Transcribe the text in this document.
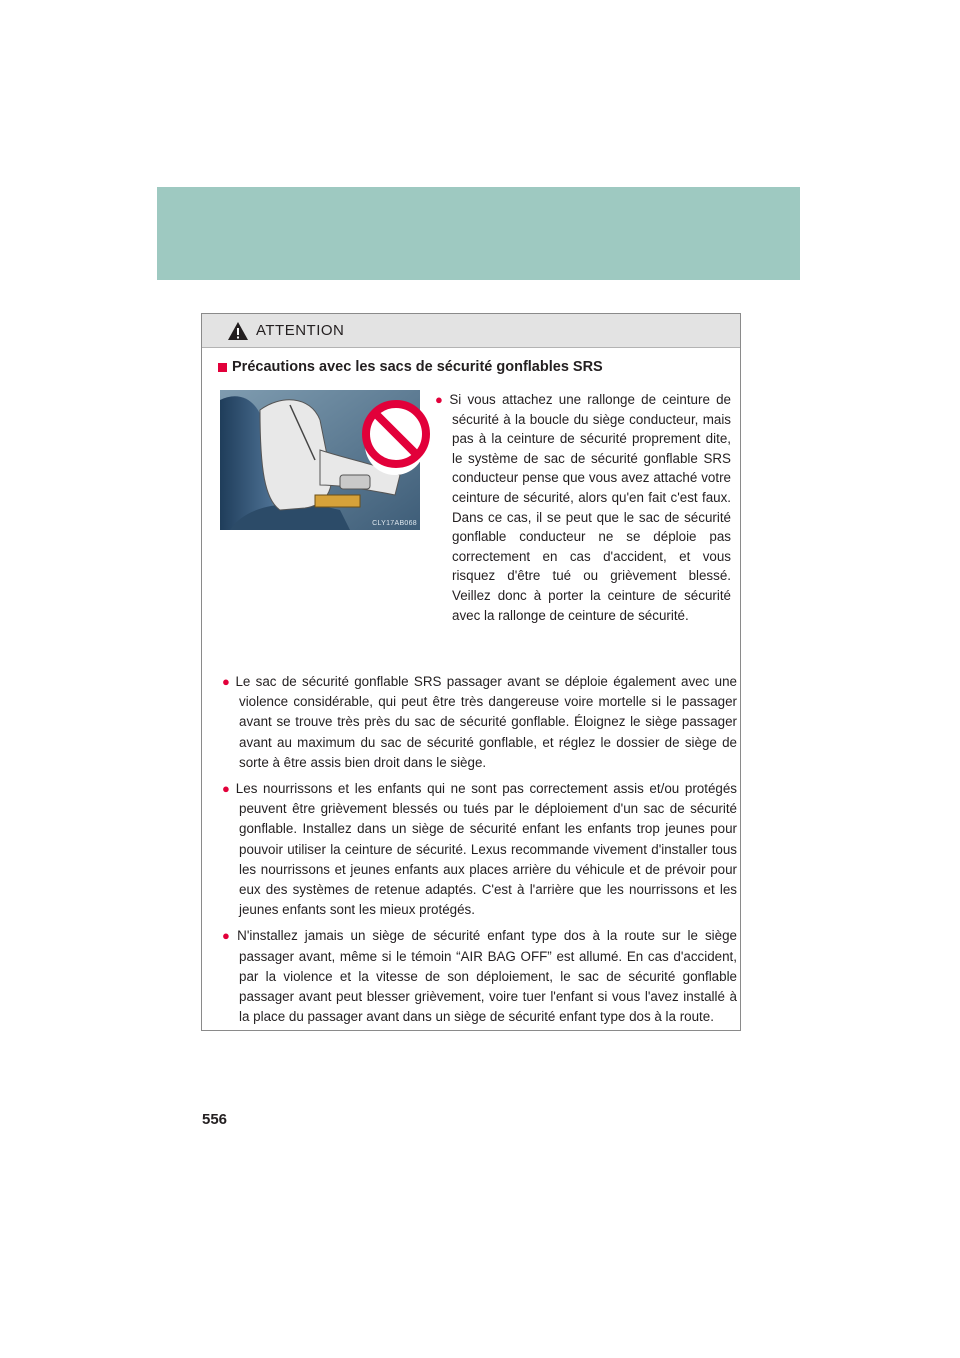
ATTENTION
Précautions avec les sacs de sécurité gonflables SRS
CLY17AB068
● Si vous attachez une rallonge de ceinture de sécurité à la boucle du siège conducteur, mais pas à la ceinture de sécurité proprement dite, le système de sac de sécurité gonflable SRS conducteur pense que vous avez attaché votre ceinture de sécurité, alors qu'en fait c'est faux. Dans ce cas, il se peut que le sac de sécurité gonflable conducteur ne se déploie pas correctement en cas d'accident, et vous risquez d'être tué ou grièvement blessé. Veillez donc à porter la ceinture de sécurité avec la rallonge de ceinture de sécurité.

● Le sac de sécurité gonflable SRS passager avant se déploie également avec une violence considérable, qui peut être très dangereuse voire mortelle si le passager avant se trouve très près du sac de sécurité gonflable. Éloignez le siège passager avant au maximum du sac de sécurité gonflable, et réglez le dossier de siège de sorte à être assis bien droit dans le siège.

● Les nourrissons et les enfants qui ne sont pas correctement assis et/ou protégés peuvent être grièvement blessés ou tués par le déploiement d'un sac de sécurité gonflable. Installez dans un siège de sécurité enfant les enfants trop jeunes pour pouvoir utiliser la ceinture de sécurité. Lexus recommande vivement d'installer tous les nourrissons et jeunes enfants aux places arrière du véhicule et de prévoir pour eux des systèmes de retenue adaptés. C'est à l'arrière que les nourrissons et les jeunes enfants sont les mieux protégés.

● N'installez jamais un siège de sécurité enfant type dos à la route sur le siège passager avant, même si le témoin “AIR BAG OFF” est allumé. En cas d'accident, par la violence et la vitesse de son déploiement, le sac de sécurité gonflable passager avant peut blesser grièvement, voire tuer l'enfant si vous l'avez installé à la place du passager avant dans un siège de sécurité enfant type dos à la route.

556
